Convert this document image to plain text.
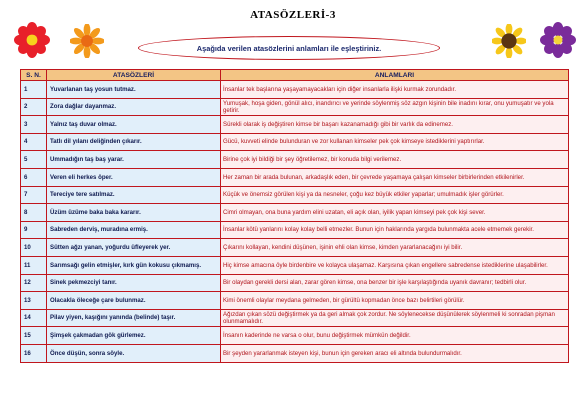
ATASÖZLERİ-3
Aşağıda verilen atasözlerini anlamları ile eşleştiriniz.
S. N.	ATASÖZLERİ	ANLAMLARI
1	Yuvarlanan taş yosun tutmaz.	İnsanlar tek başlarına yaşayamayacakları için diğer insanlarla ilişki kurmak zorundadır.
2	Zora dağlar dayanmaz.	Yumuşak, hoşa giden, gönül alıcı, inandırıcı ve yerinde söylenmiş söz azgın kişinin bile inadını kırar, onu yumuşatır ve yola getirir.
3	Yalnız taş duvar olmaz.	Sürekli olarak iş değiştiren kimse bir başarı kazanamadığı gibi bir varlık da edinemez.
4	Tatlı dil yılanı deliğinden çıkarır.	Gücü, kuvveti elinde bulunduran ve zor kullanan kimseler pek çok kimseye istediklerini yaptırırlar.
5	Ummadığın taş baş yarar.	Birine çok iyi bildiği bir şey öğretilemez, bir konuda bilgi verilemez.
6	Veren eli herkes öper.	Her zaman bir arada bulunan, arkadaşlık eden, bir çevrede yaşamaya çalışan kimseler birbirlerinden etkilenirler.
7	Tereciye tere satılmaz.	Küçük ve önemsiz görülen kişi ya da nesneler, çoğu kez büyük etkiler yaparlar; umulmadık işler görürler.
8	Üzüm üzüme baka baka kararır.	Cimri olmayan, ona buna yardım elini uzatan, eli açık olan, iyilik yapan kimseyi pek çok kişi sever.
9	Sabreden derviş, muradına ermiş.	İnsanlar kötü yanlarını kolay kolay belli etmezler. Bunun için haklarında yargıda bulunmakta acele etmemek gerekir.
10	Sütten ağzı yanan, yoğurdu üfleyerek yer.	Çıkarını kollayan, kendini düşünen, işinin ehli olan kimse, kimden yararlanacağını iyi bilir.
11	Sarımsağı gelin etmişler, kırk gün kokusu çıkmamış.	Hiç kimse amacına öyle birdenbire ve kolayca ulaşamaz. Karşısına çıkan engellere sabredense istediklerine ulaşabilirler.
12	Sinek pekmezciyi tanır.	Bir olaydan gerekli dersi alan, zarar gören kimse, ona benzer bir işle karşılaştığında uyanık davranır; tedbirli olur.
13	Olacakla öleceğe çare bulunmaz.	Kimi önemli olaylar meydana gelmeden, bir gürültü kopmadan önce bazı belirtileri görülür.
14	Pilav yiyen, kaşığını yanında (belinde) taşır.	Ağızdan çıkan sözü değiştirmek ya da geri almak çok zordur. Ne söyleneceksе düşünülerek söylenmeli ki sonradan pişman olunmamalıdır.
15	Şimşek çakmadan gök gürlemez.	İnsanın kaderinde ne varsa o olur, bunu değiştirmek mümkün değildir.
16	Önce düşün, sonra söyle.	Bir şeyden yararlanmak isteyen kişi, bunun için gereken aracı eli altında bulundurmalıdır.
